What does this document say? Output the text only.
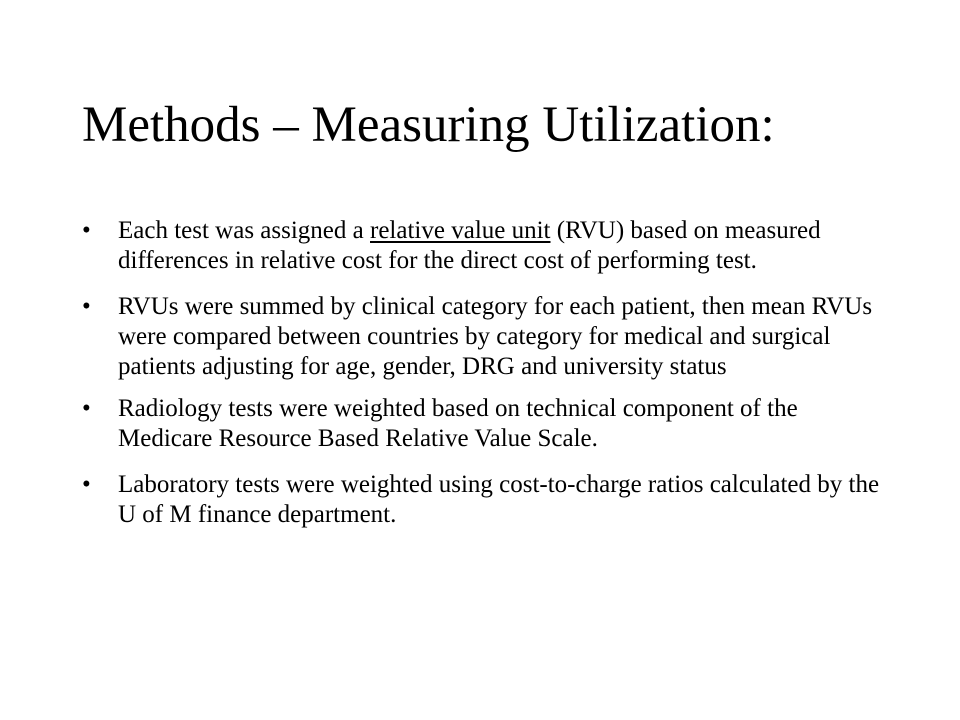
Methods – Measuring Utilization:
• Each test was assigned a relative value unit (RVU) based on measured differences in relative cost for the direct cost of performing test.
• RVUs were summed by clinical category for each patient, then mean RVUs were compared between countries by category for medical and surgical patients adjusting for age, gender, DRG and university status
• Radiology tests were weighted based on technical component of the Medicare Resource Based Relative Value Scale.
• Laboratory tests were weighted using cost-to-charge ratios calculated by the U of M finance department.
